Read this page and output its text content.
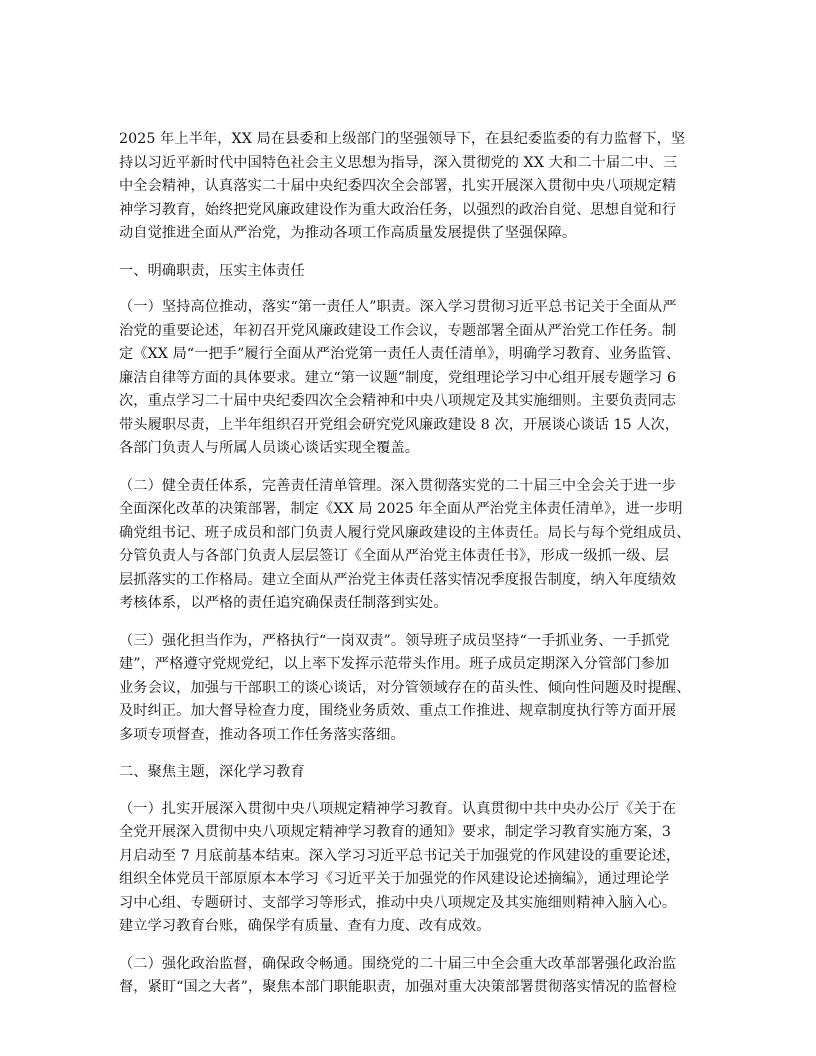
2025 年上半年，XX 局在县委和上级部门的坚强领导下，在县纪委监委的有力监督下，坚
持以习近平新时代中国特色社会主义思想为指导，深入贯彻党的 XX 大和二十届二中、三
中全会精神，认真落实二十届中央纪委四次全会部署，扎实开展深入贯彻中央八项规定精
神学习教育，始终把党风廉政建设作为重大政治任务，以强烈的政治自觉、思想自觉和行
动自觉推进全面从严治党，为推动各项工作高质量发展提供了坚强保障。
一、明确职责，压实主体责任
（一）坚持高位推动，落实“第一责任人”职责。深入学习贯彻习近平总书记关于全面从严
治党的重要论述，年初召开党风廉政建设工作会议，专题部署全面从严治党工作任务。制
定《XX 局“一把手”履行全面从严治党第一责任人责任清单》，明确学习教育、业务监管、
廉洁自律等方面的具体要求。建立“第一议题”制度，党组理论学习中心组开展专题学习 6
次，重点学习二十届中央纪委四次全会精神和中央八项规定及其实施细则。主要负责同志
带头履职尽责，上半年组织召开党组会研究党风廉政建设 8 次，开展谈心谈话 15 人次，
各部门负责人与所属人员谈心谈话实现全覆盖。
（二）健全责任体系，完善责任清单管理。深入贯彻落实党的二十届三中全会关于进一步
全面深化改革的决策部署，制定《XX 局 2025 年全面从严治党主体责任清单》，进一步明
确党组书记、班子成员和部门负责人履行党风廉政建设的主体责任。局长与每个党组成员、
分管负责人与各部门负责人层层签订《全面从严治党主体责任书》，形成一级抓一级、层
层抓落实的工作格局。建立全面从严治党主体责任落实情况季度报告制度，纳入年度绩效
考核体系，以严格的责任追究确保责任制落到实处。
（三）强化担当作为，严格执行“一岗双责”。领导班子成员坚持“一手抓业务、一手抓党
建”，严格遵守党规党纪，以上率下发挥示范带头作用。班子成员定期深入分管部门参加
业务会议，加强与干部职工的谈心谈话，对分管领域存在的苗头性、倾向性问题及时提醒、
及时纠正。加大督导检查力度，围绕业务质效、重点工作推进、规章制度执行等方面开展
多项专项督查，推动各项工作任务落实落细。
二、聚焦主题，深化学习教育
（一）扎实开展深入贯彻中央八项规定精神学习教育。认真贯彻中共中央办公厅《关于在
全党开展深入贯彻中央八项规定精神学习教育的通知》要求，制定学习教育实施方案，3
月启动至 7 月底前基本结束。深入学习习近平总书记关于加强党的作风建设的重要论述，
组织全体党员干部原原本本学习《习近平关于加强党的作风建设论述摘编》，通过理论学
习中心组、专题研讨、支部学习等形式，推动中央八项规定及其实施细则精神入脑入心。
建立学习教育台账，确保学有质量、查有力度、改有成效。
（二）强化政治监督，确保政令畅通。围绕党的二十届三中全会重大改革部署强化政治监
督，紧盯“国之大者”，聚焦本部门职能职责，加强对重大决策部署贯彻落实情况的监督检
